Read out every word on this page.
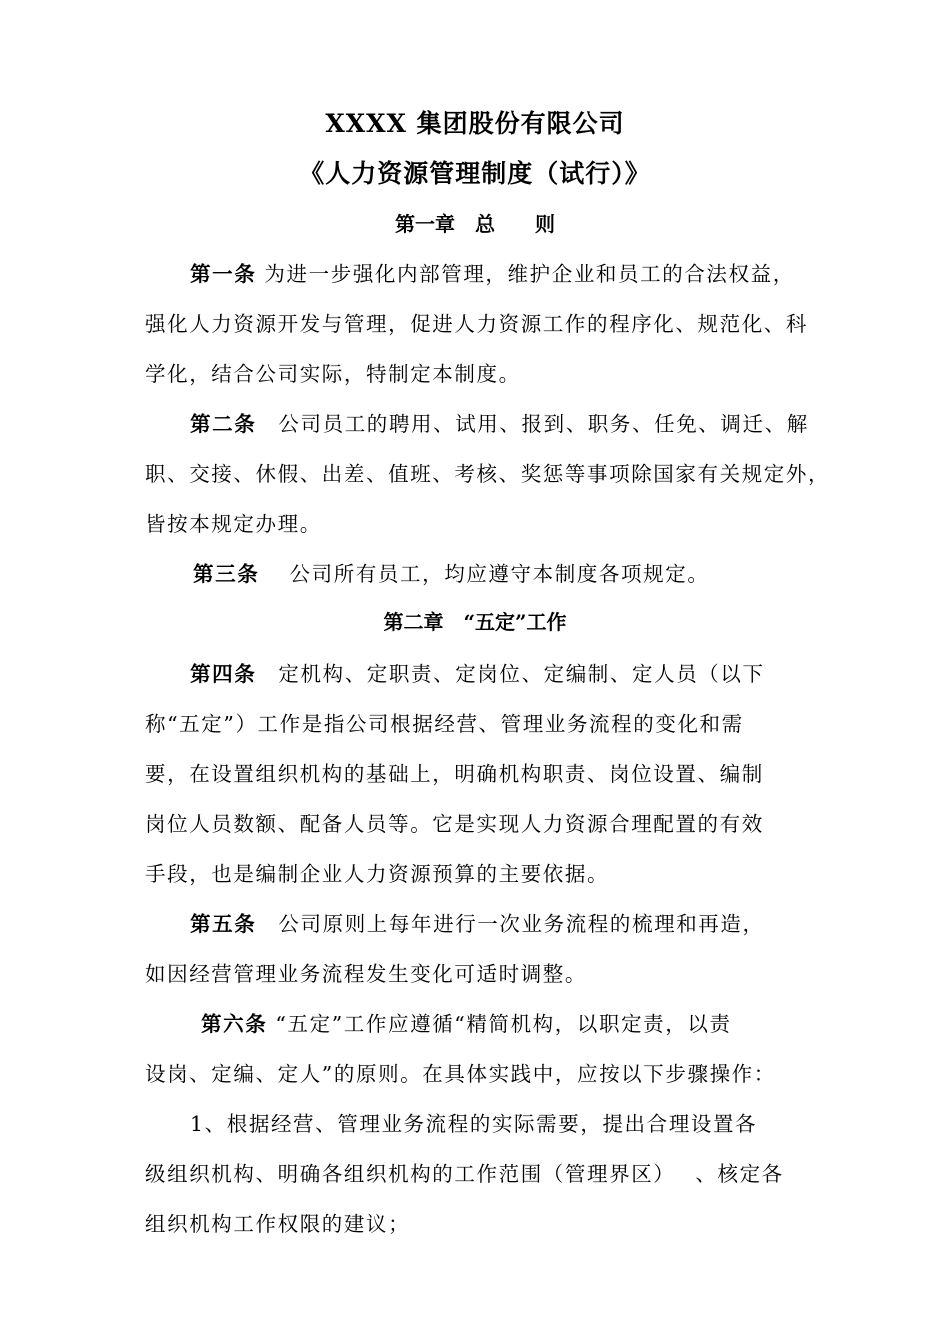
XXXX 集团股份有限公司
《人力资源管理制度（试行）》
第一章　总　　则
第一条 为进一步强化内部管理，维护企业和员工的合法权益，
强化人力资源开发与管理，促进人力资源工作的程序化、规范化、科
学化，结合公司实际，特制定本制度。
第二条　公司员工的聘用、试用、报到、职务、任免、调迁、解
职、交接、休假、出差、值班、考核、奖惩等事项除国家有关规定外，
皆按本规定办理。
第三条　 公司所有员工，均应遵守本制度各项规定。
第二章　“五定”工作
第四条　定机构、定职责、定岗位、定编制、定人员（以下
称“五定”）工作是指公司根据经营、管理业务流程的变化和需
要，在设置组织机构的基础上，明确机构职责、岗位设置、编制
岗位人员数额、配备人员等。它是实现人力资源合理配置的有效
手段，也是编制企业人力资源预算的主要依据。
第五条　公司原则上每年进行一次业务流程的梳理和再造，
如因经营管理业务流程发生变化可适时调整。
第六条 “五定”工作应遵循“精简机构，以职定责，以责
设岗、定编、定人”的原则。在具体实践中，应按以下步骤操作：
1、根据经营、管理业务流程的实际需要，提出合理设置各
级组织机构、明确各组织机构的工作范围（管理界区）　 、核定各
组织机构工作权限的建议；
